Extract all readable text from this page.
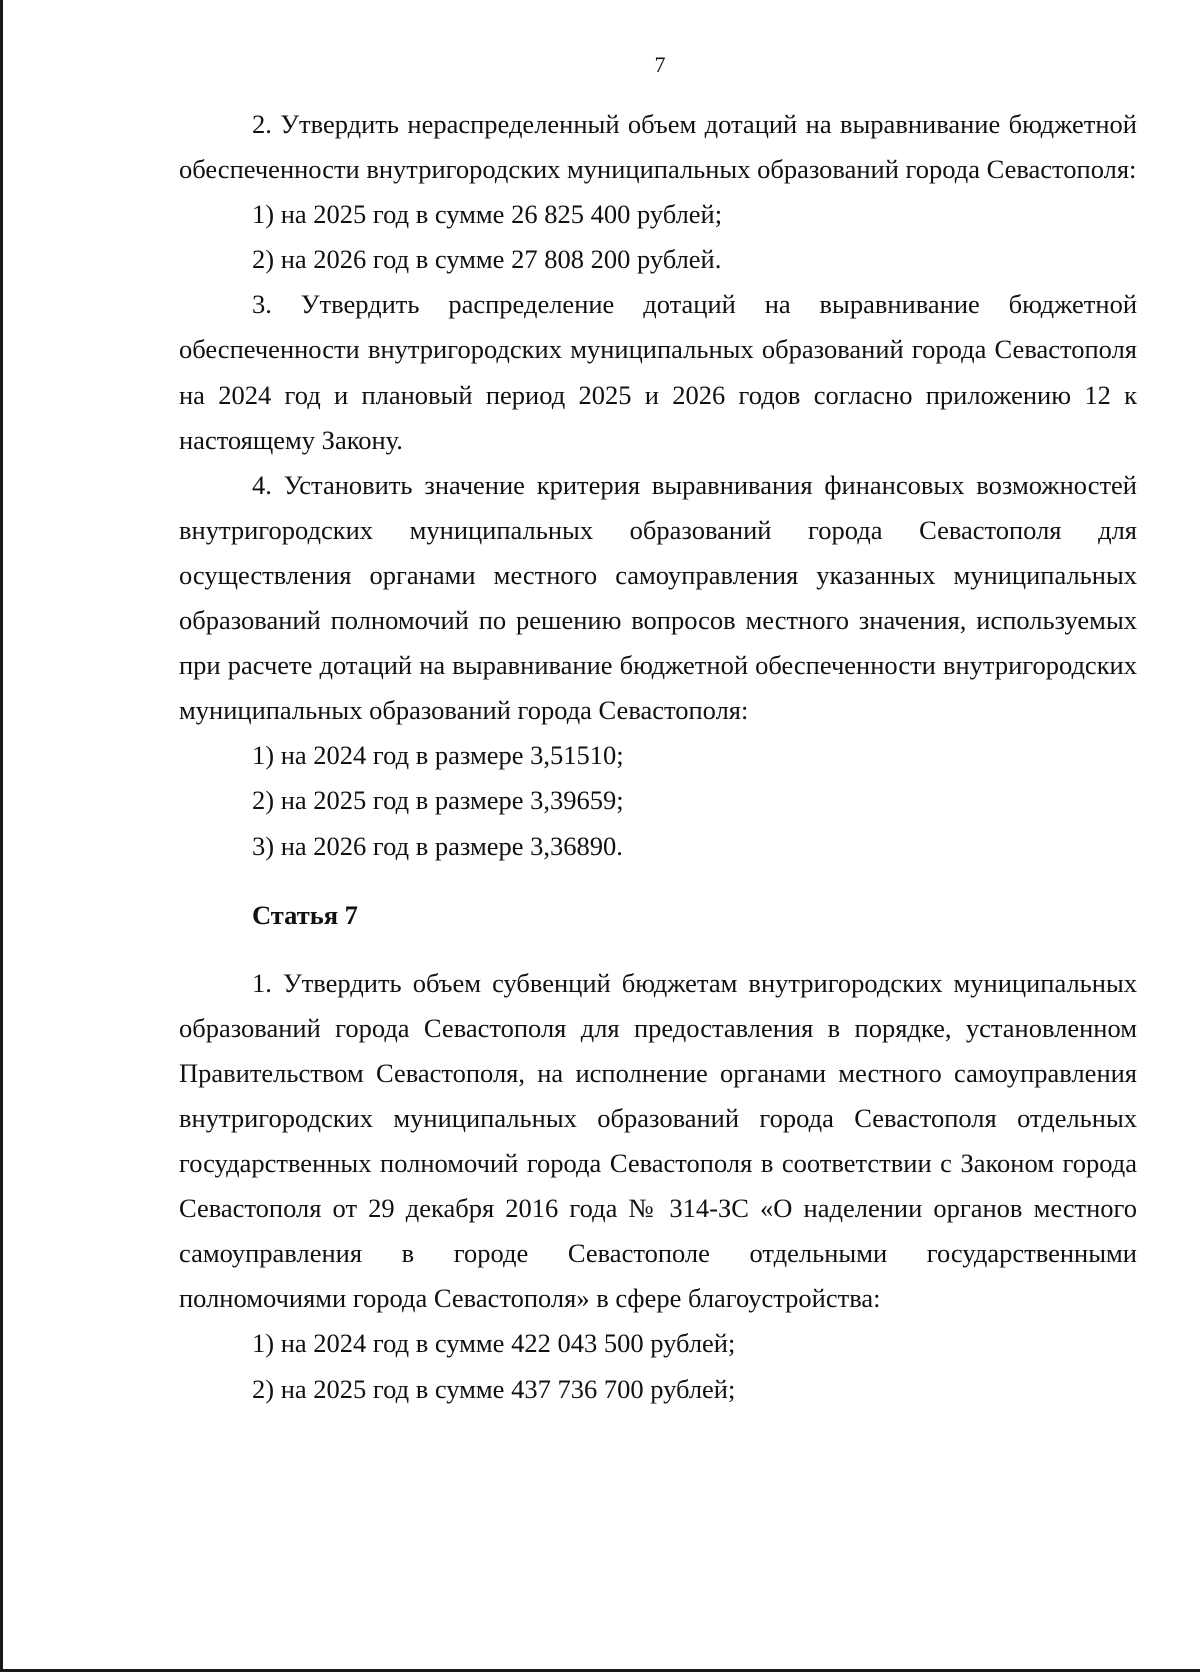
7

2. Утвердить нераспределенный объем дотаций на выравнивание бюджетной обеспеченности внутригородских муниципальных образований города Севастополя:

1) на 2025 год в сумме 26 825 400 рублей;

2) на 2026 год в сумме 27 808 200 рублей.

3. Утвердить распределение дотаций на выравнивание бюджетной обеспеченности внутригородских муниципальных образований города Севастополя на 2024 год и плановый период 2025 и 2026 годов согласно приложению 12 к настоящему Закону.

4. Установить значение критерия выравнивания финансовых возможностей внутригородских муниципальных образований города Севастополя для осуществления органами местного самоуправления указанных муниципальных образований полномочий по решению вопросов местного значения, используемых при расчете дотаций на выравнивание бюджетной обеспеченности внутригородских муниципальных образований города Севастополя:

1) на 2024 год в размере 3,51510;

2) на 2025 год в размере 3,39659;

3) на 2026 год в размере 3,36890.

Статья 7

1. Утвердить объем субвенций бюджетам внутригородских муниципальных образований города Севастополя для предоставления в порядке, установленном Правительством Севастополя, на исполнение органами местного самоуправления внутригородских муниципальных образований города Севастополя отдельных государственных полномочий города Севастополя в соответствии с Законом города Севастополя от 29 декабря 2016 года № 314-ЗС «О наделении органов местного самоуправления в городе Севастополе отдельными государственными полномочиями города Севастополя» в сфере благоустройства:

1) на 2024 год в сумме 422 043 500 рублей;

2) на 2025 год в сумме 437 736 700 рублей;
